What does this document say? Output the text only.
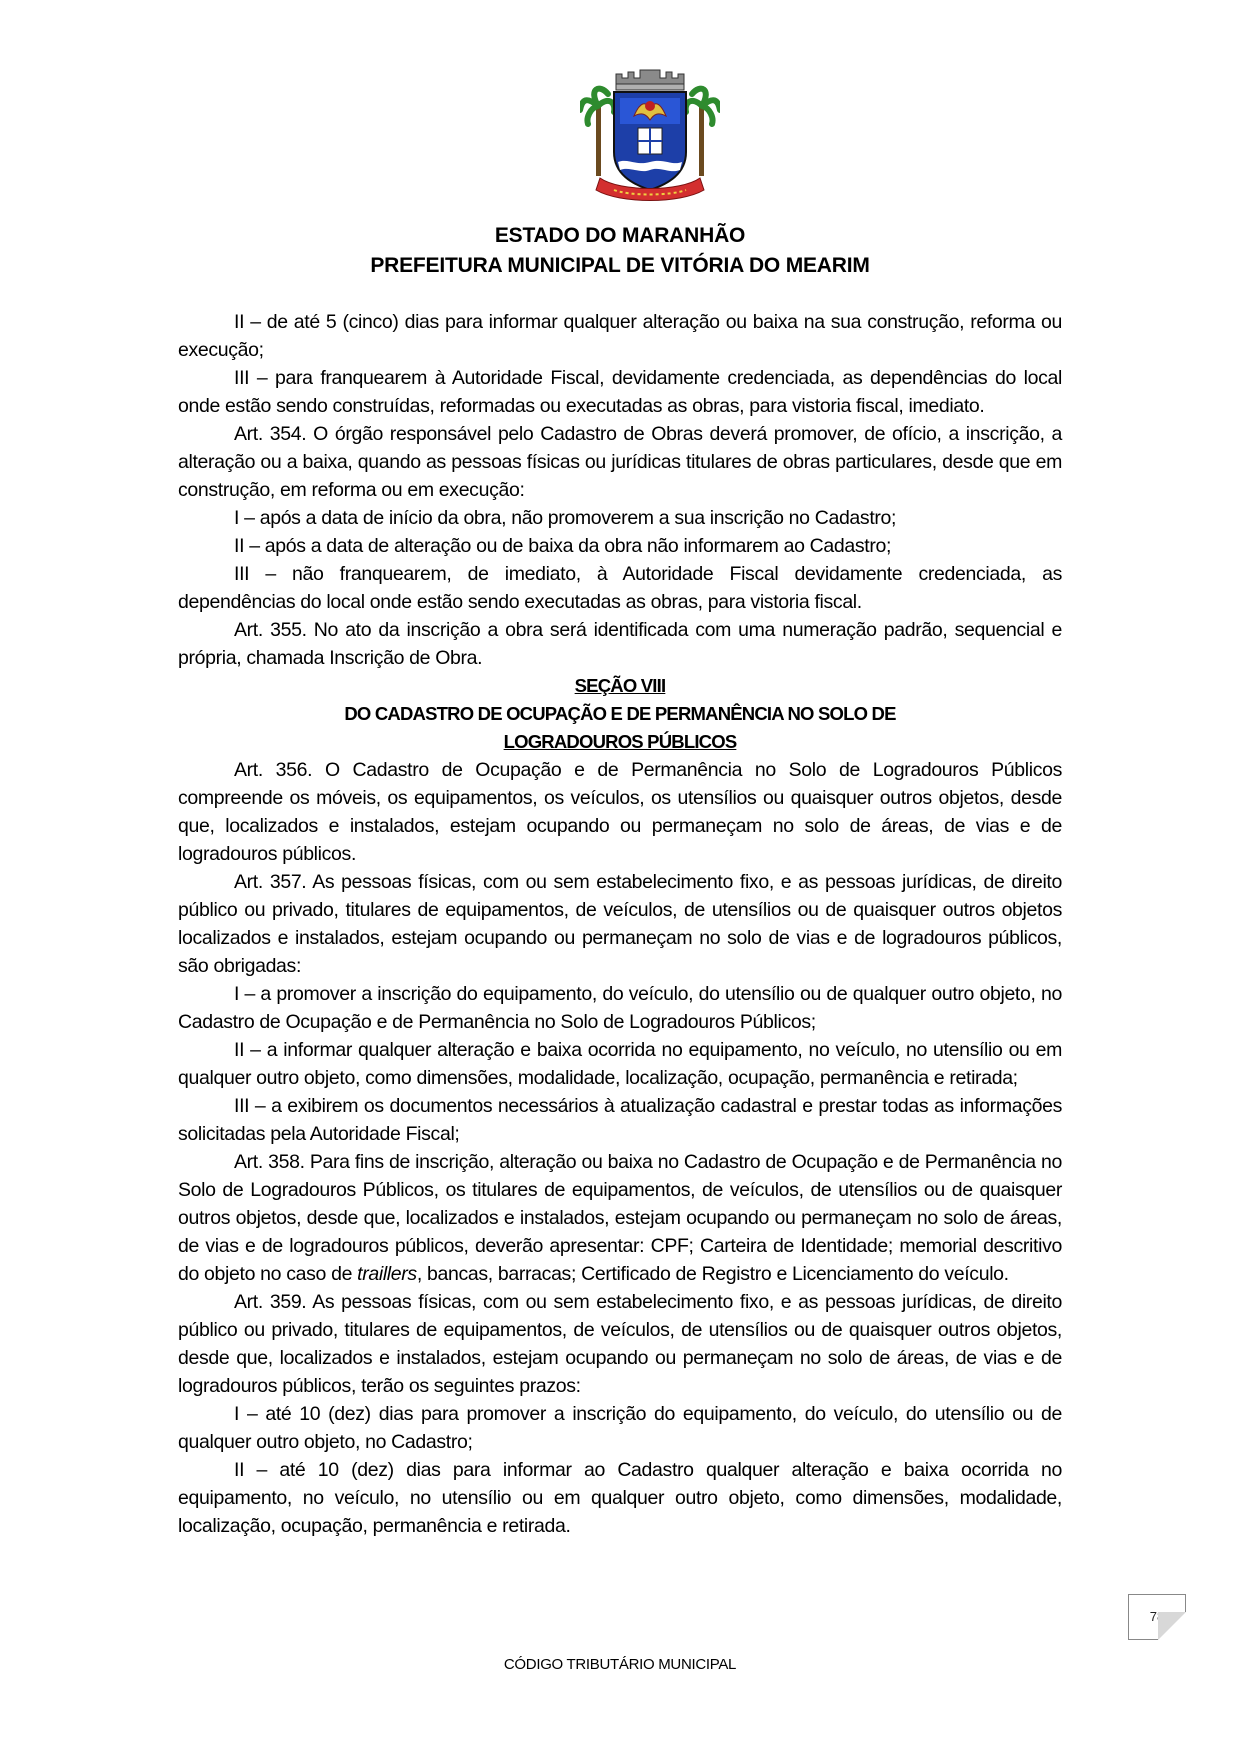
ESTADO DO MARANHÃO
PREFEITURA MUNICIPAL DE VITÓRIA DO MEARIM

II – de até 5 (cinco) dias para informar qualquer alteração ou baixa na sua construção, reforma ou execução;

III – para franquearem à Autoridade Fiscal, devidamente credenciada, as dependências do local onde estão sendo construídas, reformadas ou executadas as obras, para vistoria fiscal, imediato.

Art. 354. O órgão responsável pelo Cadastro de Obras deverá promover, de ofício, a inscrição, a alteração ou a baixa, quando as pessoas físicas ou jurídicas titulares de obras particulares, desde que em construção, em reforma ou em execução:

I – após a data de início da obra, não promoverem a sua inscrição no Cadastro;

II – após a data de alteração ou de baixa da obra não informarem ao Cadastro;

III – não franquearem, de imediato, à Autoridade Fiscal devidamente credenciada, as dependências do local onde estão sendo executadas as obras, para vistoria fiscal.

Art. 355. No ato da inscrição a obra será identificada com uma numeração padrão, sequencial e própria, chamada Inscrição de Obra.

SEÇÃO VIII

DO CADASTRO DE OCUPAÇÃO E DE PERMANÊNCIA NO SOLO DE

LOGRADOUROS PÚBLICOS

Art. 356. O Cadastro de Ocupação e de Permanência no Solo de Logradouros Públicos compreende os móveis, os equipamentos, os veículos, os utensílios ou quaisquer outros objetos, desde que, localizados e instalados, estejam ocupando ou permaneçam no solo de áreas, de vias e de logradouros públicos.

Art. 357. As pessoas físicas, com ou sem estabelecimento fixo, e as pessoas jurídicas, de direito público ou privado, titulares de equipamentos, de veículos, de utensílios ou de quaisquer outros objetos localizados e instalados, estejam ocupando ou permaneçam no solo de vias e de logradouros públicos, são obrigadas:

I – a promover a inscrição do equipamento, do veículo, do utensílio ou de qualquer outro objeto, no Cadastro de Ocupação e de Permanência no Solo de Logradouros Públicos;

II – a informar qualquer alteração e baixa ocorrida no equipamento, no veículo, no utensílio ou em qualquer outro objeto, como dimensões, modalidade, localização, ocupação, permanência e retirada;

III – a exibirem os documentos necessários à atualização cadastral e prestar todas as informações solicitadas pela Autoridade Fiscal;

Art. 358. Para fins de inscrição, alteração ou baixa no Cadastro de Ocupação e de Permanência no Solo de Logradouros Públicos, os titulares de equipamentos, de veículos, de utensílios ou de quaisquer outros objetos, desde que, localizados e instalados, estejam ocupando ou permaneçam no solo de áreas, de vias e de logradouros públicos, deverão apresentar: CPF; Carteira de Identidade; memorial descritivo do objeto no caso de traillers, bancas, barracas; Certificado de Registro e Licenciamento do veículo.

Art. 359. As pessoas físicas, com ou sem estabelecimento fixo, e as pessoas jurídicas, de direito público ou privado, titulares de equipamentos, de veículos, de utensílios ou de quaisquer outros objetos, desde que, localizados e instalados, estejam ocupando ou permaneçam no solo de áreas, de vias e de logradouros públicos, terão os seguintes prazos:

I – até 10 (dez) dias para promover a inscrição do equipamento, do veículo, do utensílio ou de qualquer outro objeto, no Cadastro;

II – até 10 (dez) dias para informar ao Cadastro qualquer alteração e baixa ocorrida no equipamento, no veículo, no utensílio ou em qualquer outro objeto, como dimensões, modalidade, localização, ocupação, permanência e retirada.

78
CÓDIGO TRIBUTÁRIO MUNICIPAL
